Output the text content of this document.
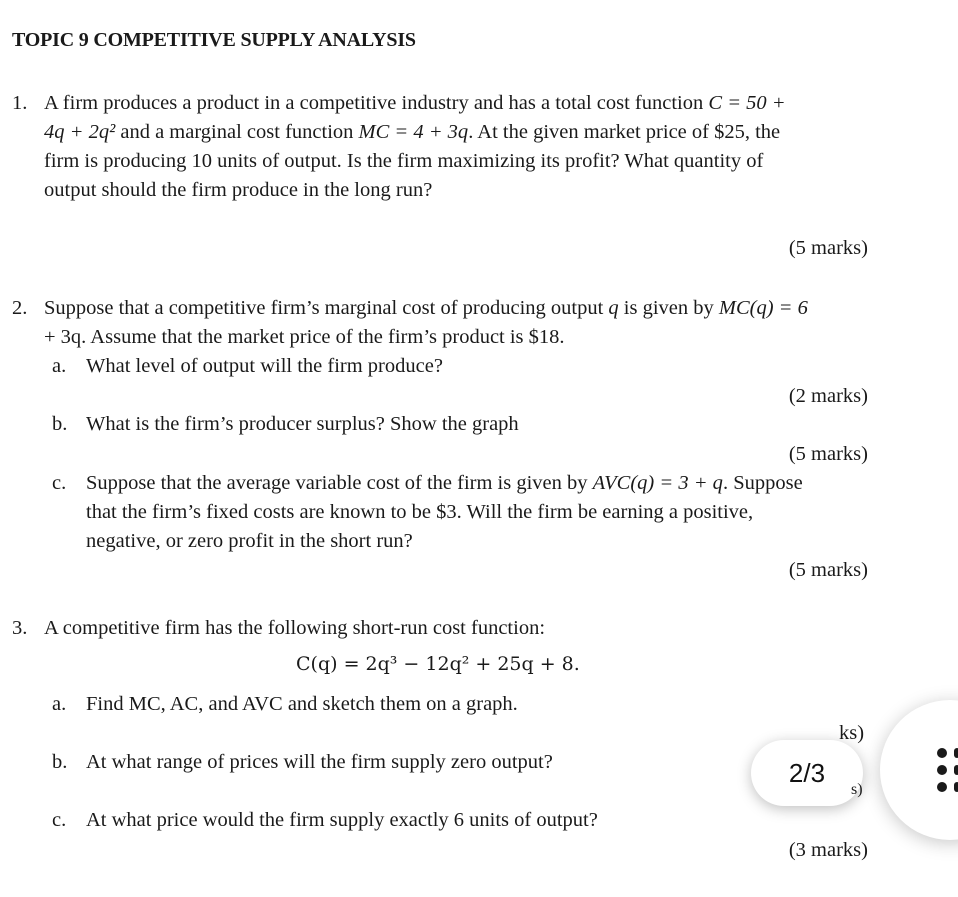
TOPIC 9 COMPETITIVE SUPPLY ANALYSIS
1. A firm produces a product in a competitive industry and has a total cost function C = 50 +
4q + 2q² and a marginal cost function MC = 4 + 3q. At the given market price of $25, the
firm is producing 10 units of output. Is the firm maximizing its profit? What quantity of
output should the firm produce in the long run?
(5 marks)
2. Suppose that a competitive firm’s marginal cost of producing output q is given by MC(q) = 6
+ 3q. Assume that the market price of the firm’s product is $18.
a. What level of output will the firm produce?
(2 marks)
b. What is the firm’s producer surplus? Show the graph
(5 marks)
c. Suppose that the average variable cost of the firm is given by AVC(q) = 3 + q. Suppose
that the firm’s fixed costs are known to be $3. Will the firm be earning a positive,
negative, or zero profit in the short run?
(5 marks)
3. A competitive firm has the following short-run cost function:
C(q) = 2q³ − 12q² + 25q + 8.
a. Find MC, AC, and AVC and sketch them on a graph.
ks)
b. At what range of prices will the firm supply zero output?
c. At what price would the firm supply exactly 6 units of output?
(3 marks)
2/3
s)
